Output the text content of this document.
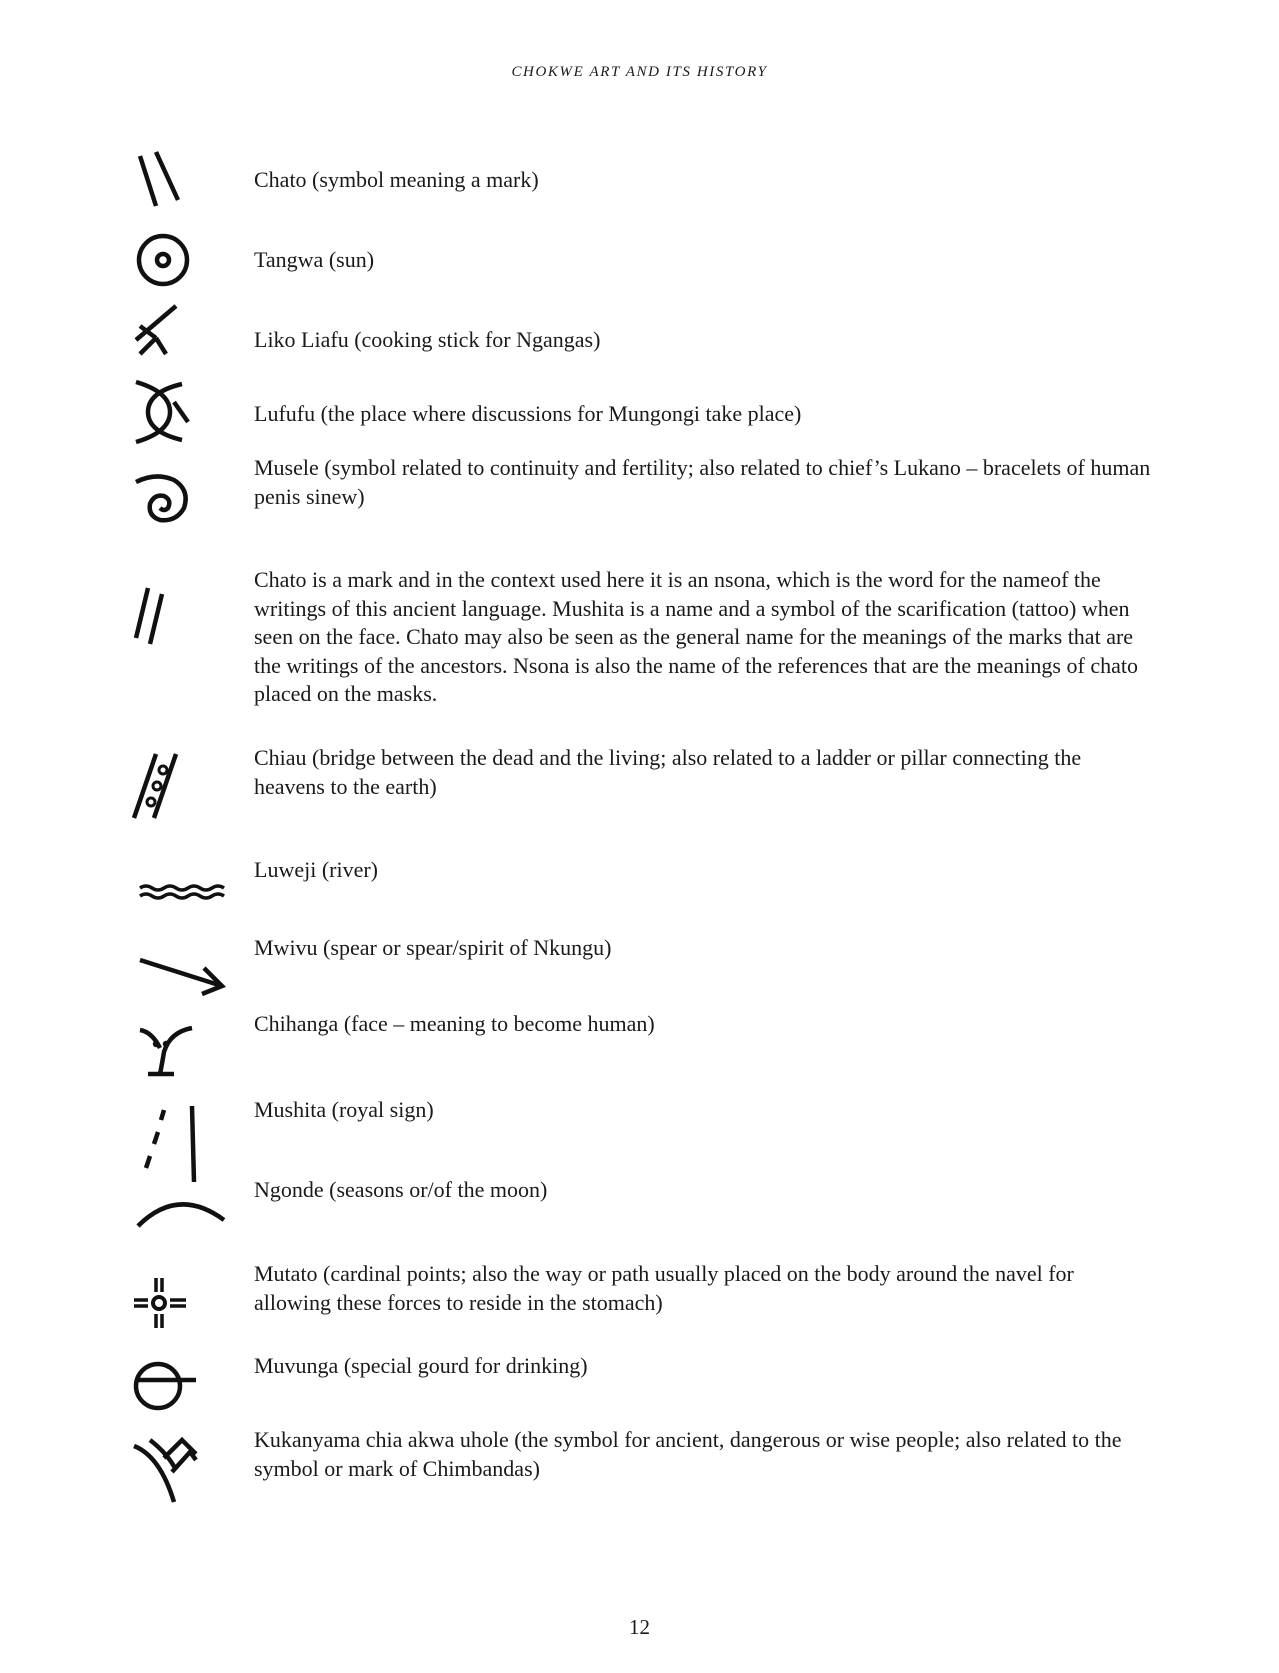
CHOKWE ART AND ITS HISTORY
Chato (symbol meaning a mark)
Tangwa (sun)
Liko Liafu (cooking stick for Ngangas)
Lufufu (the place where discussions for Mungongi take place)
Musele (symbol related to continuity and fertility; also related to chief’s Lukano – bracelets of human penis sinew)
Chato is a mark and in the context used here it is an nsona, which is the word for the nameof the writings of this ancient language. Mushita is a name and a symbol of the scarification (tattoo) when seen on the face. Chato may also be seen as the general name for the meanings of the marks that are the writings of the ancestors. Nsona is also the name of the references that are the meanings of chato placed on the masks.
Chiau (bridge between the dead and the living; also related to a ladder or pillar connecting the heavens to the earth)
Luweji (river)
Mwivu (spear or spear/spirit of Nkungu)
Chihanga (face – meaning to become human)
Mushita (royal sign)
Ngonde (seasons or/of the moon)
Mutato (cardinal points; also the way or path usually placed on the body around the navel for allowing these forces to reside in the stomach)
Muvunga (special gourd for drinking)
Kukanyama chia akwa uhole (the symbol for ancient, dangerous or wise people; also related to the symbol or mark of Chimbandas)
12
